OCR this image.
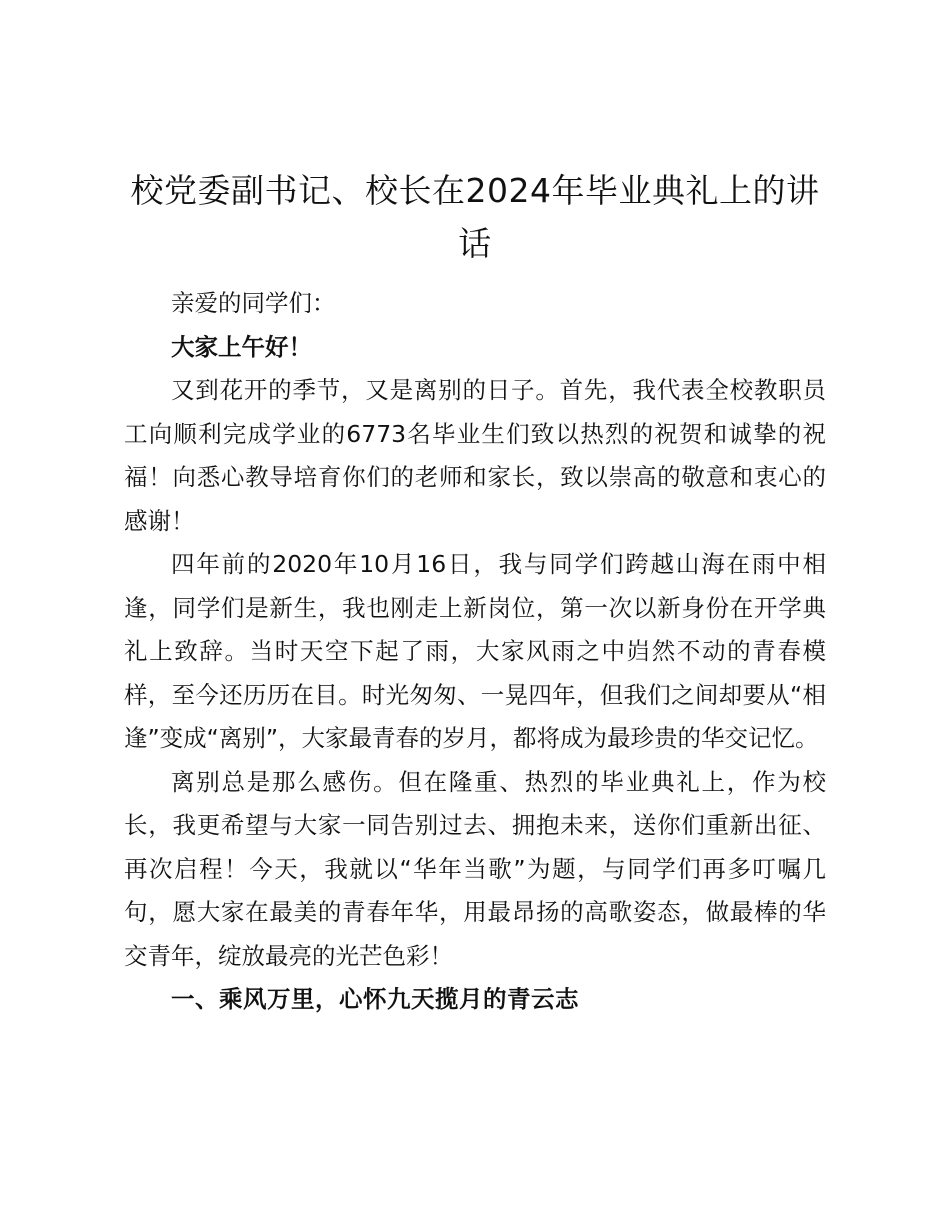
校党委副书记、校长在2024年毕业典礼上的讲话

亲爱的同学们：

大家上午好！

又到花开的季节，又是离别的日子。首先，我代表全校教职员工向顺利完成学业的6773名毕业生们致以热烈的祝贺和诚挚的祝福！向悉心教导培育你们的老师和家长，致以崇高的敬意和衷心的感谢！

四年前的2020年10月16日，我与同学们跨越山海在雨中相逢，同学们是新生，我也刚走上新岗位，第一次以新身份在开学典礼上致辞。当时天空下起了雨，大家风雨之中岿然不动的青春模样，至今还历历在目。时光匆匆、一晃四年，但我们之间却要从“相逢”变成“离别”，大家最青春的岁月，都将成为最珍贵的华交记忆。

离别总是那么感伤。但在隆重、热烈的毕业典礼上，作为校长，我更希望与大家一同告别过去、拥抱未来，送你们重新出征、再次启程！今天，我就以“华年当歌”为题，与同学们再多叮嘱几句，愿大家在最美的青春年华，用最昂扬的高歌姿态，做最棒的华交青年，绽放最亮的光芒色彩！

一、乘风万里，心怀九天揽月的青云志
